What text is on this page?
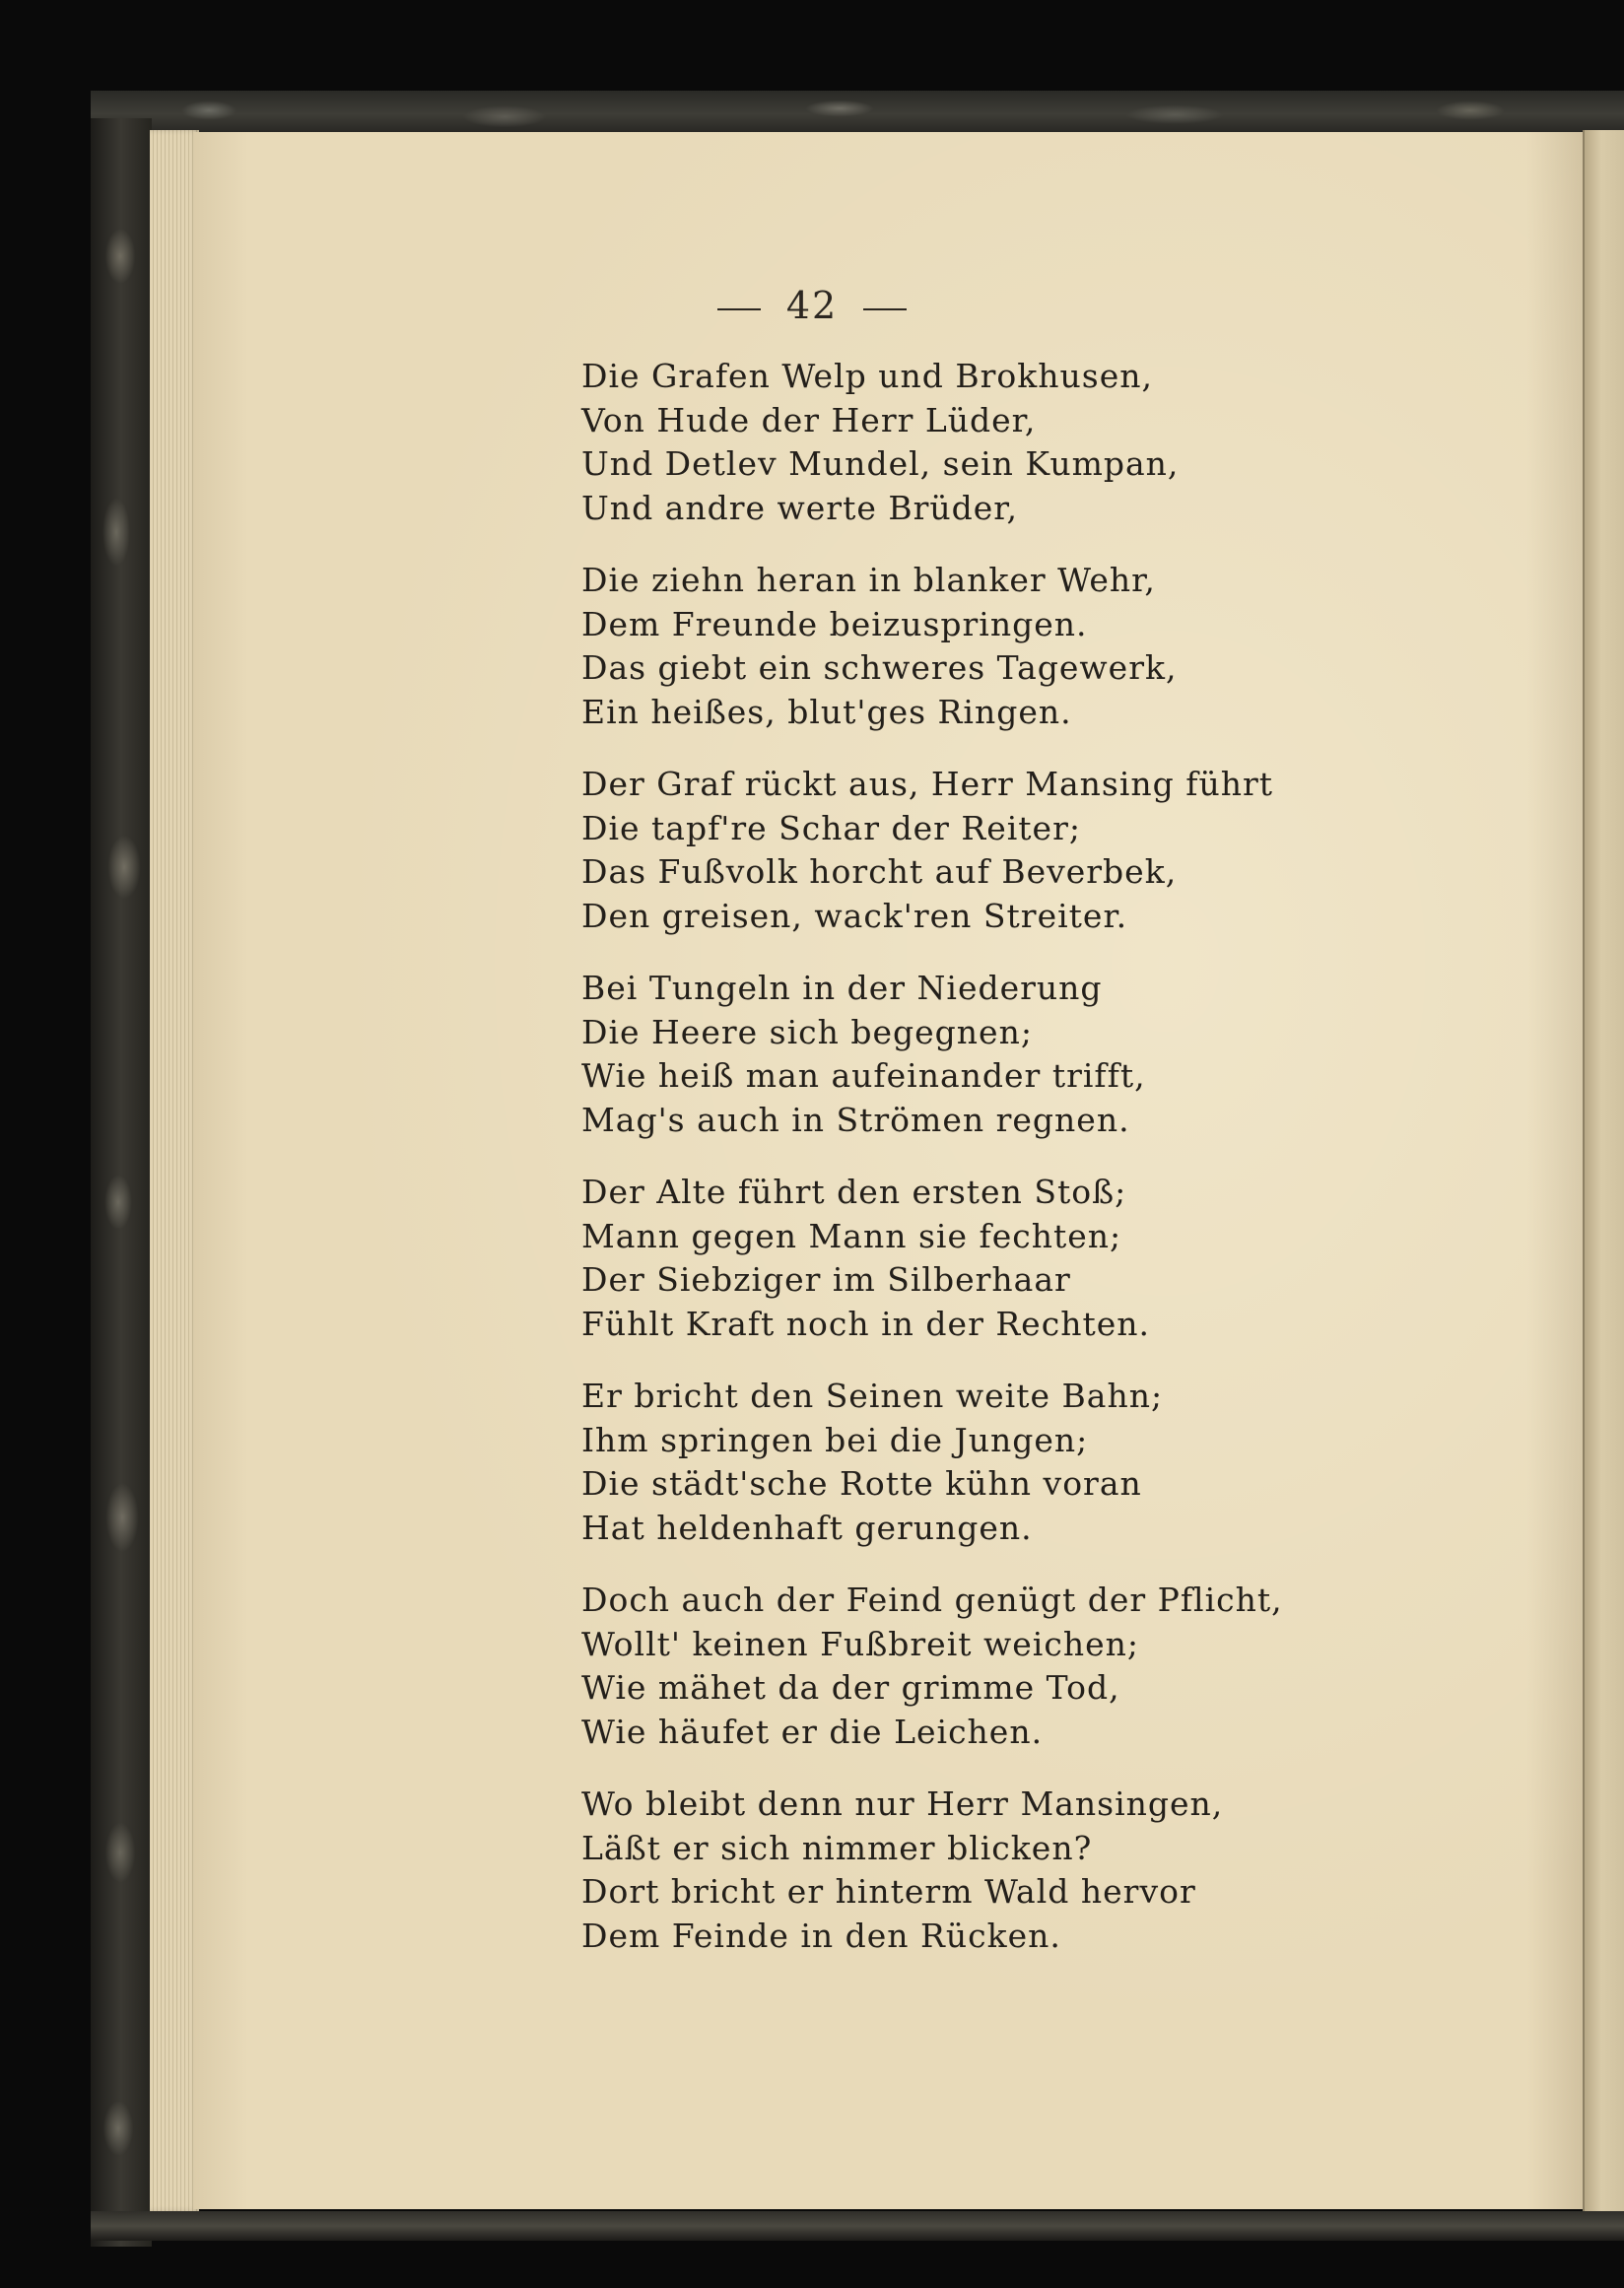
42
Die Grafen Welp und Brokhusen,
Von Hude der Herr Lüder,
Und Detlev Mundel, sein Kumpan,
Und andre werte Brüder,
Die ziehn heran in blanker Wehr,
Dem Freunde beizuspringen.
Das giebt ein schweres Tagewerk,
Ein heißes, blut'ges Ringen.
Der Graf rückt aus, Herr Mansing führt
Die tapf're Schar der Reiter;
Das Fußvolk horcht auf Beverbek,
Den greisen, wack'ren Streiter.
Bei Tungeln in der Niederung
Die Heere sich begegnen;
Wie heiß man aufeinander trifft,
Mag's auch in Strömen regnen.
Der Alte führt den ersten Stoß;
Mann gegen Mann sie fechten;
Der Siebziger im Silberhaar
Fühlt Kraft noch in der Rechten.
Er bricht den Seinen weite Bahn;
Ihm springen bei die Jungen;
Die städt'sche Rotte kühn voran
Hat heldenhaft gerungen.
Doch auch der Feind genügt der Pflicht,
Wollt' keinen Fußbreit weichen;
Wie mähet da der grimme Tod,
Wie häufet er die Leichen.
Wo bleibt denn nur Herr Mansingen,
Läßt er sich nimmer blicken?
Dort bricht er hinterm Wald hervor
Dem Feinde in den Rücken.
